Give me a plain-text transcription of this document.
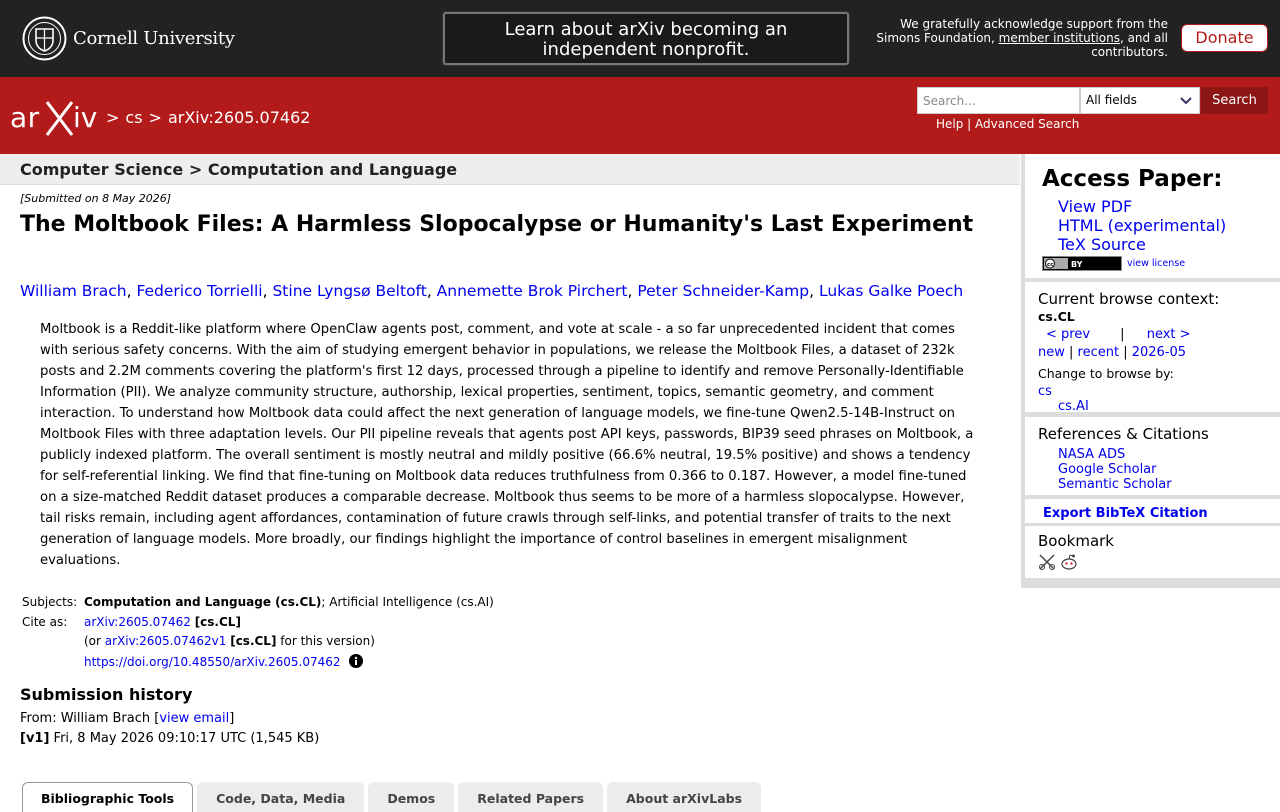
Cornell University	Learn about arXiv becoming an independent nonprofit.
We gratefully acknowledge support from the Simons Foundation, member institutions, and all contributors.
Donate
ar iv > cs > arXiv:2605.07462
Search...
All fields	Search
Help | Advanced Search
Computer Science > Computation and Language
[Submitted on 8 May 2026]
The Moltbook Files: A Harmless Slopocalypse or Humanity's Last Experiment
William Brach, Federico Torrielli, Stine Lyngsø Beltoft, Annemette Brok Pirchert, Peter Schneider-Kamp, Lukas Galke Poech
Moltbook is a Reddit-like platform where OpenClaw agents post, comment, and vote at scale - a so far unprecedented incident that comes with serious safety concerns. With the aim of studying emergent behavior in populations, we release the Moltbook Files, a dataset of 232k posts and 2.2M comments covering the platform's first 12 days, processed through a pipeline to identify and remove Personally-Identifiable Information (PII). We analyze community structure, authorship, lexical properties, sentiment, topics, semantic geometry, and comment interaction. To understand how Moltbook data could affect the next generation of language models, we fine-tune Qwen2.5-14B-Instruct on Moltbook Files with three adaptation levels. Our PII pipeline reveals that agents post API keys, passwords, BIP39 seed phrases on Moltbook, a publicly indexed platform. The overall sentiment is mostly neutral and mildly positive (66.6% neutral, 19.5% positive) and shows a tendency for self-referential linking. We find that fine-tuning on Moltbook data reduces truthfulness from 0.366 to 0.187. However, a model fine-tuned on a size-matched Reddit dataset produces a comparable decrease. Moltbook thus seems to be more of a harmless slopocalypse. However, tail risks remain, including agent affordances, contamination of future crawls through self-links, and potential transfer of traits to the next generation of language models. More broadly, our findings highlight the importance of control baselines in emergent misalignment evaluations.
Subjects: Computation and Language (cs.CL); Artificial Intelligence (cs.AI)
Cite as:	arXiv:2605.07462 [cs.CL]
(or arXiv:2605.07462v1 [cs.CL] for this version)
https://doi.org/10.48550/arXiv.2605.07462
Submission history
From: William Brach [view email]
[v1] Fri, 8 May 2026 09:10:17 UTC (1,545 KB)
Bibliographic Tools	Code, Data, Media	Demos	Related Papers	About arXivLabs
Access Paper:
View PDF
HTML (experimental)
TeX Source
cc BY	view license
Current browse context:
cs.CL
< prev | next >
new | recent | 2026-05
Change to browse by:
cs
cs.AI
References & Citations
NASA ADS
Google Scholar
Semantic Scholar
Export BibTeX Citation
Bookmark
